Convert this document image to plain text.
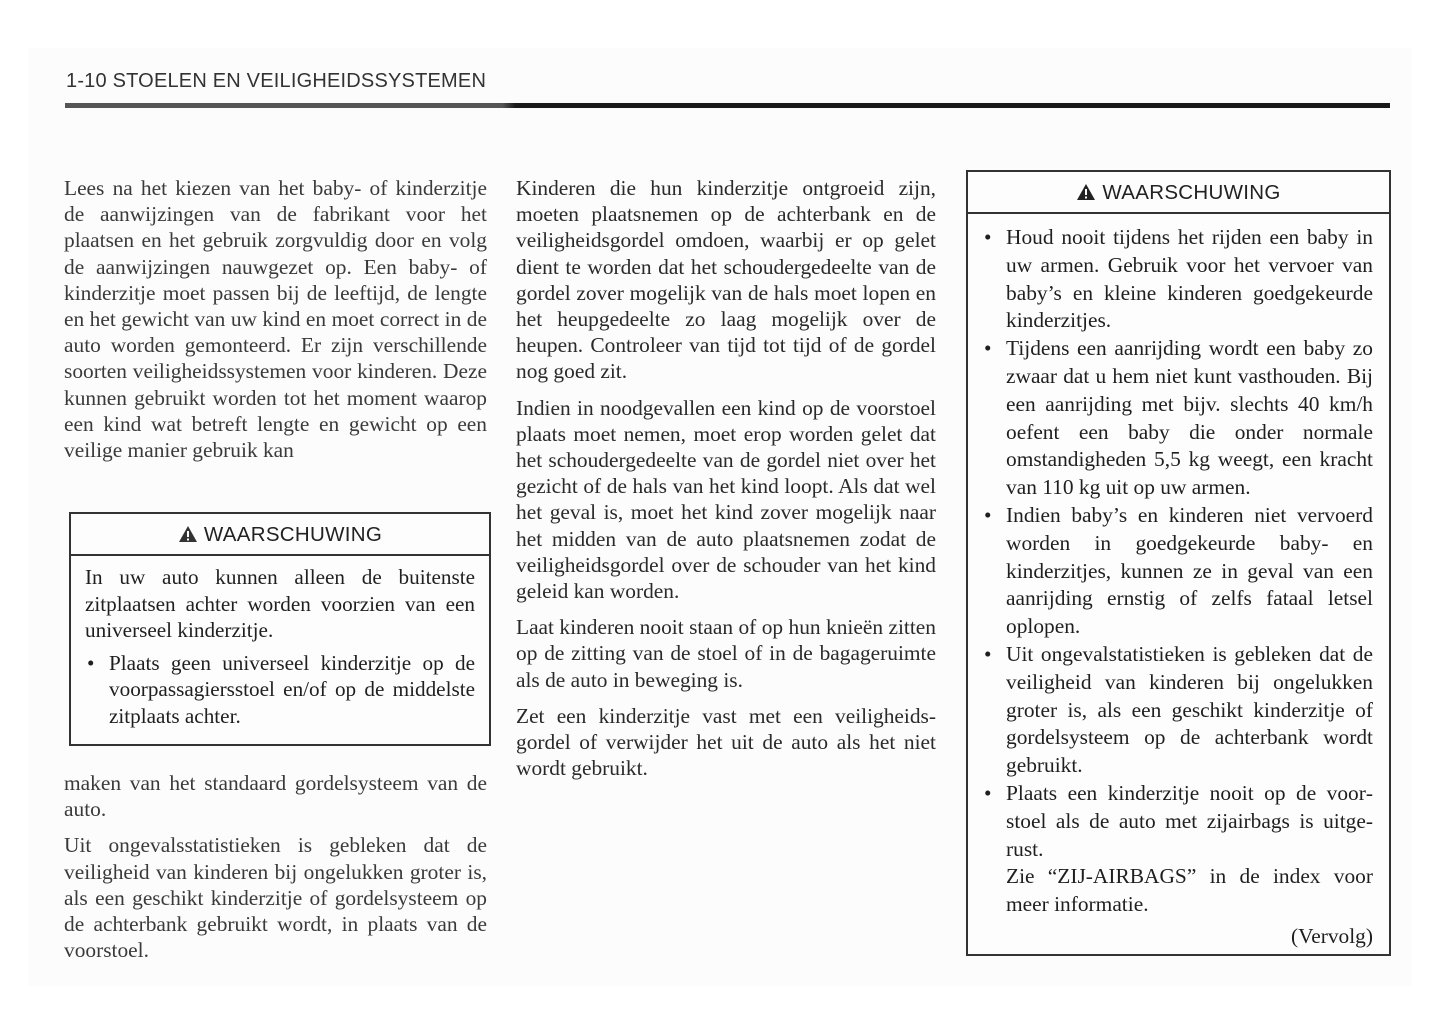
1-10 STOELEN EN VEILIGHEIDSSYSTEMEN

Lees na het kiezen van het baby- of kinderzitje de aanwijzingen van de fabrikant voor het plaatsen en het gebruik zorgvuldig door en volg de aanwijzingen nauwgezet op. Een baby- of kinderzitje moet passen bij de leeftijd, de lengte en het gewicht van uw kind en moet correct in de auto worden gemonteerd. Er zijn verschillende soorten veiligheidssystemen voor kinderen. Deze kunnen gebruikt worden tot het moment waarop een kind wat betreft lengte en gewicht op een veilige manier gebruik kan

WAARSCHUWING

In uw auto kunnen alleen de buitenste zitplaatsen achter worden voorzien van een universeel kinderzitje.

• Plaats geen universeel kinderzitje op de voorpassagiersstoel en/of op de middelste zitplaats achter.

maken van het standaard gordelsysteem van de auto.

Uit ongevalsstatistieken is gebleken dat de veiligheid van kinderen bij ongelukken groter is, als een geschikt kinderzitje of gordelsysteem op de achterbank gebruikt wordt, in plaats van de voorstoel.

Kinderen die hun kinderzitje ontgroeid zijn, moeten plaatsnemen op de achterbank en de veiligheidsgordel omdoen, waarbij er op gelet dient te worden dat het schoudergedeelte van de gordel zover mogelijk van de hals moet lopen en het heupgedeelte zo laag mogelijk over de heupen. Controleer van tijd tot tijd of de gordel nog goed zit.

Indien in noodgevallen een kind op de voorstoel plaats moet nemen, moet erop worden gelet dat het schoudergedeelte van de gordel niet over het gezicht of de hals van het kind loopt. Als dat wel het geval is, moet het kind zover mogelijk naar het midden van de auto plaatsnemen zodat de veiligheidsgordel over de schouder van het kind geleid kan worden.

Laat kinderen nooit staan of op hun knieën zitten op de zitting van de stoel of in de bagageruimte als de auto in beweging is.

Zet een kinderzitje vast met een veiligheidsgordel of verwijder het uit de auto als het niet wordt gebruikt.

WAARSCHUWING
• Houd nooit tijdens het rijden een baby in uw armen. Gebruik voor het vervoer van baby’s en kleine kinderen goedgekeurde kinderzitjes.
• Tijdens een aanrijding wordt een baby zo zwaar dat u hem niet kunt vasthouden. Bij een aanrijding met bijv. slechts 40 km/h oefent een baby die onder normale omstandigheden 5,5 kg weegt, een kracht van 110 kg uit op uw armen.
• Indien baby’s en kinderen niet vervoerd worden in goedgekeurde baby- en kinderzitjes, kunnen ze in geval van een aanrijding ernstig of zelfs fataal letsel oplopen.
• Uit ongevalstatistieken is gebleken dat de veiligheid van kinderen bij ongelukken groter is, als een geschikt kinderzitje of gordelsysteem op de achterbank wordt gebruikt.
• Plaats een kinderzitje nooit op de voorstoel als de auto met zijairbags is uitgerust.
Zie “ZIJ-AIRBAGS” in de index voor meer informatie.
(Vervolg)
